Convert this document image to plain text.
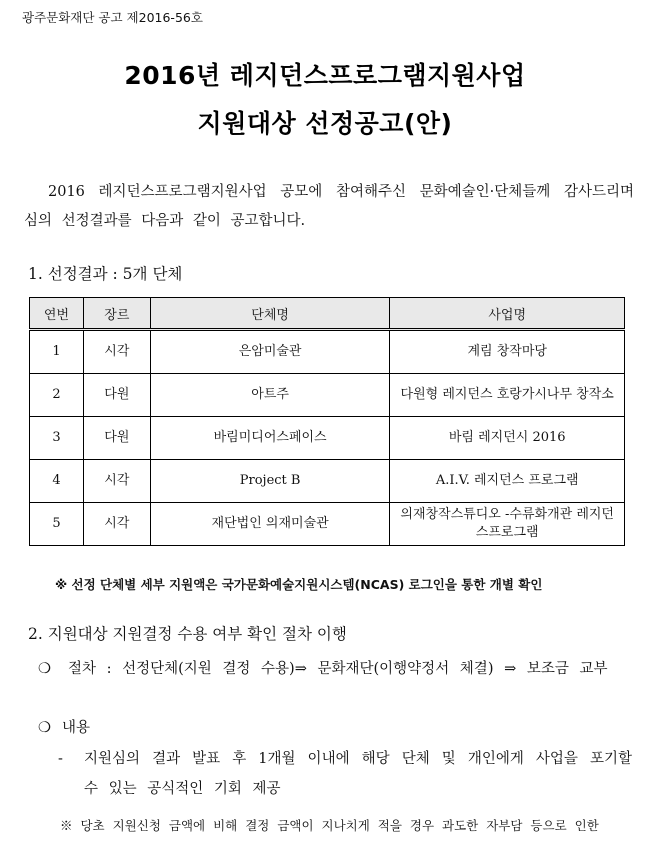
광주문화재단 공고 제2016-56호
2016년 레지던스프로그램지원사업
지원대상 선정공고(안)
2016 레지던스프로그램지원사업 공모에 참여해주신 문화예술인·단체들께 감사드리며 심의 선정결과를 다음과 같이 공고합니다.
1. 선정결과 : 5개 단체
연번	장르	단체명	사업명
1	시각	은암미술관	계림 창작마당
2	다원	아트주	다원형 레지던스 호랑가시나무 창작소
3	다원	바림미디어스페이스	바림 레지던시 2016
4	시각	Project B	A.I.V. 레지던스 프로그램
5	시각	재단법인 의재미술관	의재창작스튜디오 -수류화개관 레지던스프로그램
※ 선정 단체별 세부 지원액은 국가문화예술지원시스템(NCAS) 로그인을 통한 개별 확인
2. 지원대상 지원결정 수용 여부 확인 절차 이행
❍ 절차 : 선정단체(지원 결정 수용)⇒ 문화재단(이행약정서 체결) ⇒ 보조금 교부
❍ 내용
- 지원심의 결과 발표 후 1개월 이내에 해당 단체 및 개인에게 사업을 포기할 수 있는 공식적인 기회 제공
※ 당초 지원신청 금액에 비해 결정 금액이 지나치게 적을 경우 과도한 자부담 등으로 인한
